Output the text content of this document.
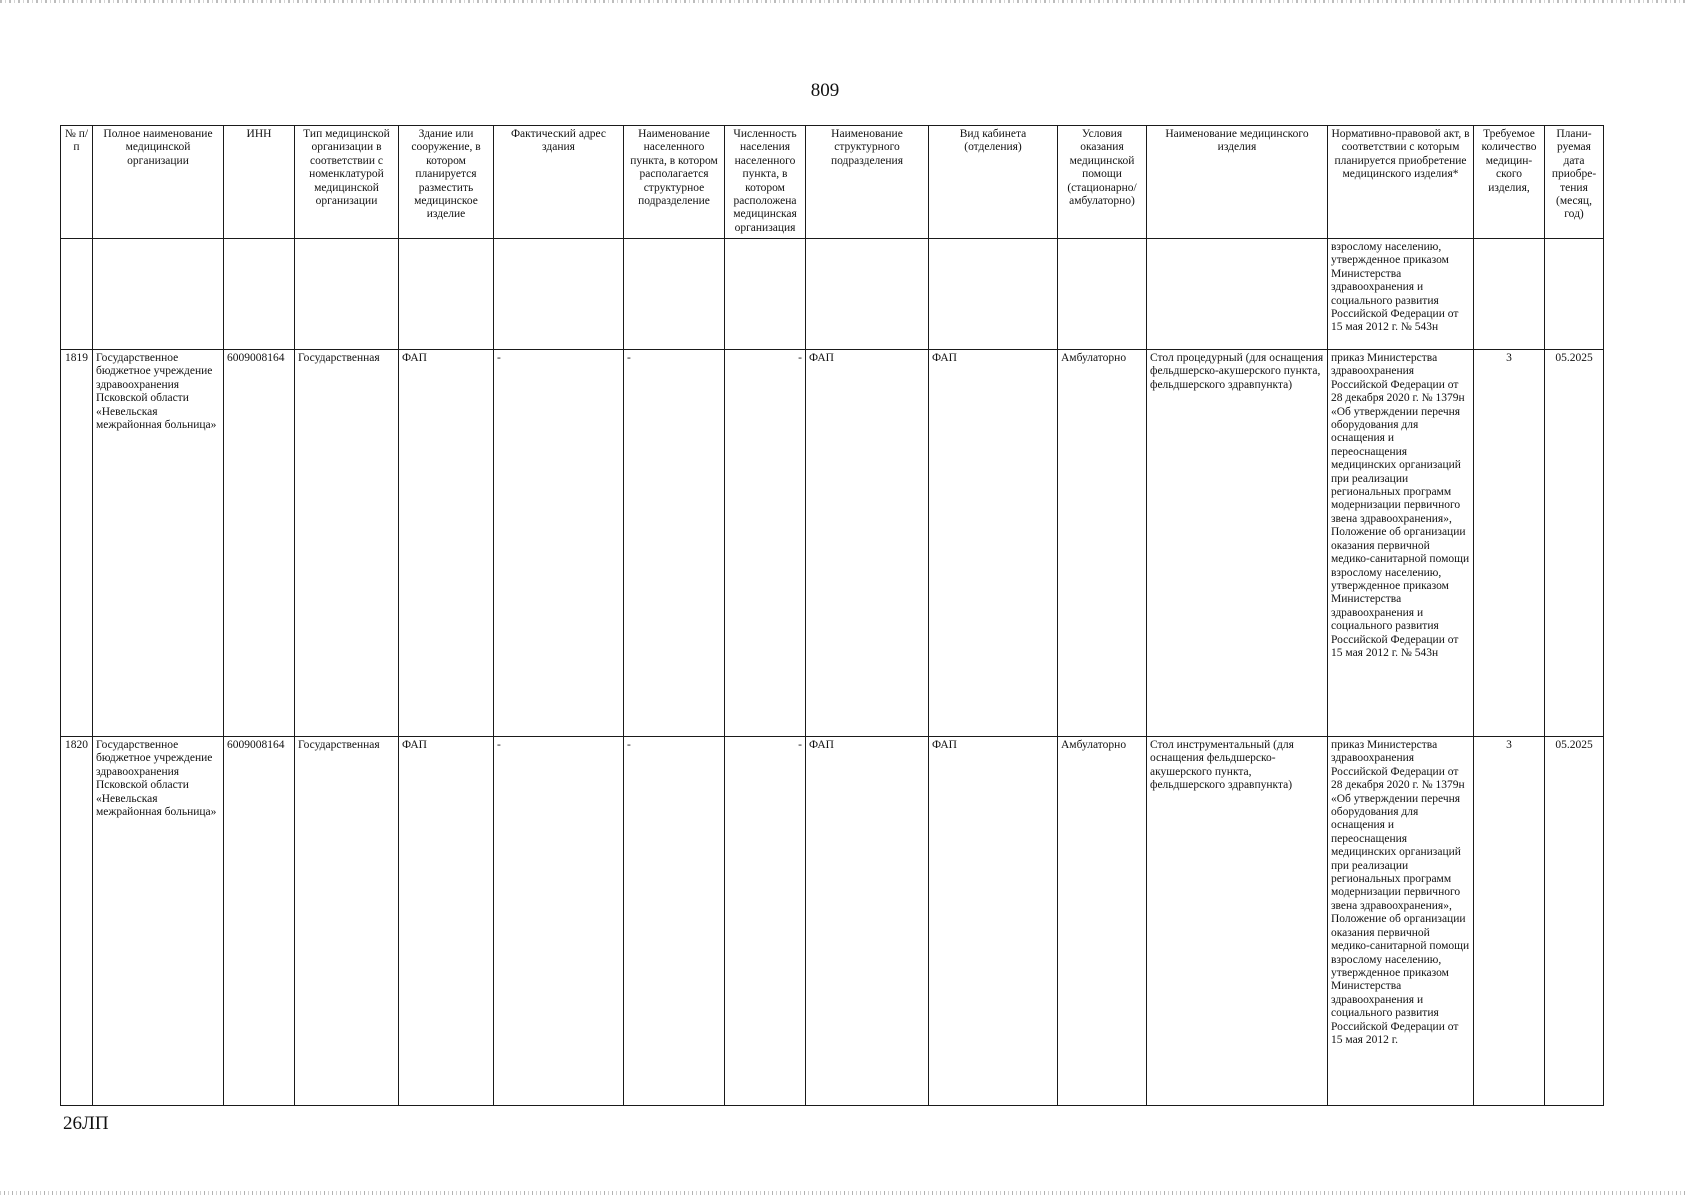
809
№ п/п	Полное наименование медицинской организации	ИНН	Тип медицинской организации в соответствии с номенклатурой медицинской организации	Здание или сооружение, в котором планируется разместить медицинское изделие	Фактический адрес здания	Наименование населенного пункта, в котором располагается структурное подразделение	Численность населения населенного пункта, в котором расположена медицинская организация	Наименование структурного подразделения	Вид кабинета (отделения)	Условия оказания медицинской помощи (стационарно/ амбулаторно)	Наименование медицинского изделия	Нормативно-правовой акт, в соответствии с которым планируется приобретение медицинского изделия*	Требуемое количество медицин-ского изделия,	Плани-руемая дата приобре-тения (месяц, год)
												взрослому населению, утвержденное приказом Министерства здравоохранения и социального развития Российской Федерации от 15 мая 2012 г. № 543н		
1819	Государственное бюджетное учреждение здравоохранения Псковской области «Невельская межрайонная больница»	6009008164	Государственная	ФАП	-	-	-	ФАП	ФАП	Амбулаторно	Стол процедурный (для оснащения фельдшерско-акушерского пункта, фельдшерского здравпункта)	приказ Министерства здравоохранения Российской Федерации от 28 декабря 2020 г. № 1379н «Об утверждении перечня оборудования для оснащения и переоснащения медицинских организаций при реализации региональных программ модернизации первичного звена здравоохранения», Положение об организации оказания первичной медико-санитарной помощи взрослому населению, утвержденное приказом Министерства здравоохранения и социального развития Российской Федерации от 15 мая 2012 г. № 543н	3	05.2025
1820	Государственное бюджетное учреждение здравоохранения Псковской области «Невельская межрайонная больница»	6009008164	Государственная	ФАП	-	-	-	ФАП	ФАП	Амбулаторно	Стол инструментальный (для оснащения фельдшерско-акушерского пункта, фельдшерского здравпункта)	приказ Министерства здравоохранения Российской Федерации от 28 декабря 2020 г. № 1379н «Об утверждении перечня оборудования для оснащения и переоснащения медицинских организаций при реализации региональных программ модернизации первичного звена здравоохранения», Положение об организации оказания первичной медико-санитарной помощи взрослому населению, утвержденное приказом Министерства здравоохранения и социального развития Российской Федерации от 15 мая 2012 г.	3	05.2025
26ЛП
